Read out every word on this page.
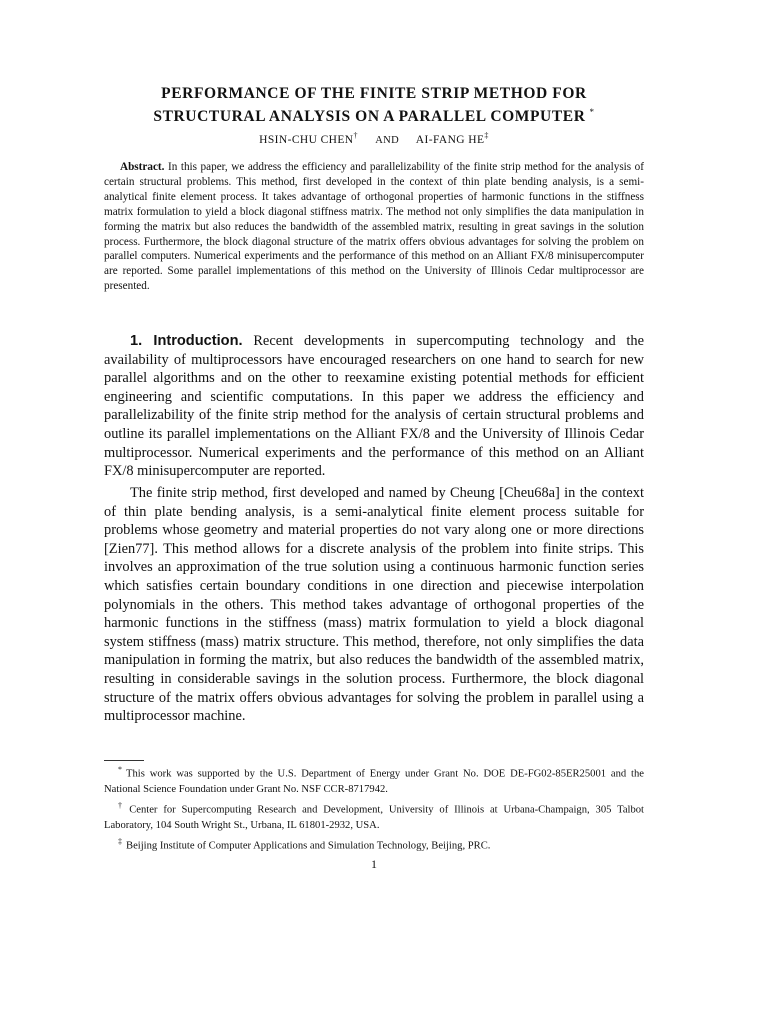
PERFORMANCE OF THE FINITE STRIP METHOD FOR
STRUCTURAL ANALYSIS ON A PARALLEL COMPUTER *
HSIN-CHU CHEN† AND AI-FANG HE‡
Abstract. In this paper, we address the efficiency and parallelizability of the finite strip method for the analysis of certain structural problems. This method, first developed in the context of thin plate bending analysis, is a semi-analytical finite element process. It takes advantage of orthogonal properties of harmonic functions in the stiffness matrix formulation to yield a block diagonal stiffness matrix. The method not only simplifies the data manipulation in forming the matrix but also reduces the bandwidth of the assembled matrix, resulting in great savings in the solution process. Furthermore, the block diagonal structure of the matrix offers obvious advantages for solving the problem on parallel computers. Numerical experiments and the performance of this method on an Alliant FX/8 minisupercomputer are reported. Some parallel implementations of this method on the University of Illinois Cedar multiprocessor are presented.
1. Introduction. Recent developments in supercomputing technology and the availability of multiprocessors have encouraged researchers on one hand to search for new parallel algorithms and on the other to reexamine existing potential methods for efficient engineering and scientific computations. In this paper we address the efficiency and parallelizability of the finite strip method for the analysis of certain structural problems and outline its parallel implementations on the Alliant FX/8 and the University of Illinois Cedar multiprocessor. Numerical experiments and the performance of this method on an Alliant FX/8 minisupercomputer are reported.
The finite strip method, first developed and named by Cheung [Cheu68a] in the context of thin plate bending analysis, is a semi-analytical finite element process suitable for problems whose geometry and material properties do not vary along one or more directions [Zien77]. This method allows for a discrete analysis of the problem into finite strips. This involves an approximation of the true solution using a continuous harmonic function series which satisfies certain boundary conditions in one direction and piecewise interpolation polynomials in the others. This method takes advantage of orthogonal properties of the harmonic functions in the stiffness (mass) matrix formulation to yield a block diagonal system stiffness (mass) matrix structure. This method, therefore, not only simplifies the data manipulation in forming the matrix, but also reduces the bandwidth of the assembled matrix, resulting in considerable savings in the solution process. Furthermore, the block diagonal structure of the matrix offers obvious advantages for solving the problem in parallel using a multiprocessor machine.
* This work was supported by the U.S. Department of Energy under Grant No. DOE DE-FG02-85ER25001 and the National Science Foundation under Grant No. NSF CCR-8717942.
† Center for Supercomputing Research and Development, University of Illinois at Urbana-Champaign, 305 Talbot Laboratory, 104 South Wright St., Urbana, IL 61801-2932, USA.
‡ Beijing Institute of Computer Applications and Simulation Technology, Beijing, PRC.
1
